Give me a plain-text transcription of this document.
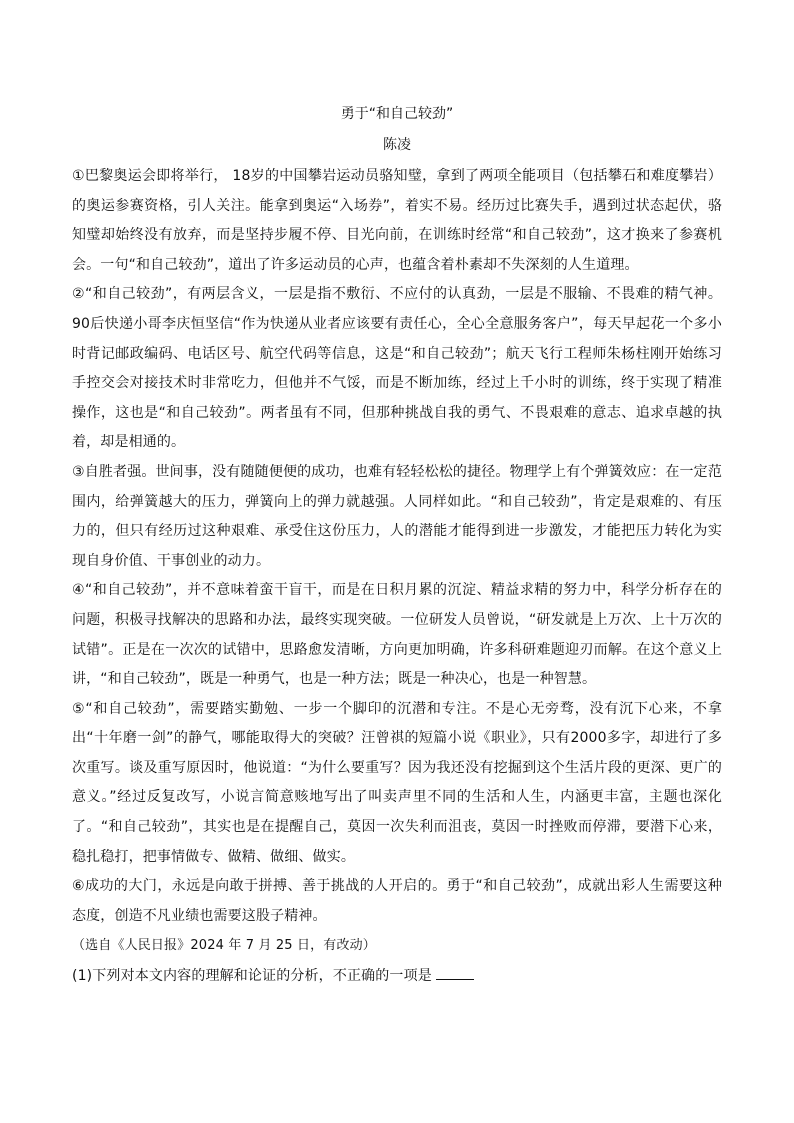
勇于“和自己较劲”
陈凌

①巴黎奥运会即将举行， 18岁的中国攀岩运动员骆知璧，拿到了两项全能项目（包括攀石和难度攀岩）的奥运参赛资格，引人关注。能拿到奥运“入场券”，着实不易。经历过比赛失手，遇到过状态起伏，骆知璧却始终没有放弃，而是坚持步履不停、目光向前，在训练时经常“和自己较劲”，这才换来了参赛机会。一句“和自己较劲”，道出了许多运动员的心声，也蕴含着朴素却不失深刻的人生道理。

②“和自己较劲”，有两层含义，一层是指不敷衍、不应付的认真劲，一层是不服输、不畏难的精气神。90后快递小哥李庆恒坚信“作为快递从业者应该要有责任心，全心全意服务客户”，每天早起花一个多小时背记邮政编码、电话区号、航空代码等信息，这是“和自己较劲”；航天飞行工程师朱杨柱刚开始练习手控交会对接技术时非常吃力，但他并不气馁，而是不断加练，经过上千小时的训练，终于实现了精准操作，这也是“和自己较劲”。两者虽有不同，但那种挑战自我的勇气、不畏艰难的意志、追求卓越的执着，却是相通的。

③自胜者强。世间事，没有随随便便的成功，也难有轻轻松松的捷径。物理学上有个弹簧效应：在一定范围内，给弹簧越大的压力，弹簧向上的弹力就越强。人同样如此。“和自己较劲”，肯定是艰难的、有压力的，但只有经历过这种艰难、承受住这份压力，人的潜能才能得到进一步激发，才能把压力转化为实现自身价值、干事创业的动力。

④“和自己较劲”，并不意味着蛮干盲干，而是在日积月累的沉淀、精益求精的努力中，科学分析存在的问题，积极寻找解决的思路和办法，最终实现突破。一位研发人员曾说，“研发就是上万次、上十万次的试错”。正是在一次次的试错中，思路愈发清晰，方向更加明确，许多科研难题迎刃而解。在这个意义上讲，“和自己较劲”，既是一种勇气，也是一种方法；既是一种决心，也是一种智慧。

⑤“和自己较劲”，需要踏实勤勉、一步一个脚印的沉潜和专注。不是心无旁骛，没有沉下心来，不拿出“十年磨一剑”的静气，哪能取得大的突破？汪曾祺的短篇小说《职业》，只有2000多字，却进行了多次重写。谈及重写原因时，他说道：“为什么要重写？因为我还没有挖掘到这个生活片段的更深、更广的意义。”经过反复改写，小说言简意赅地写出了叫卖声里不同的生活和人生，内涵更丰富，主题也深化了。“和自己较劲”，其实也是在提醒自己，莫因一次失利而沮丧，莫因一时挫败而停滞，要潜下心来，稳扎稳打，把事情做专、做精、做细、做实。

⑥成功的大门，永远是向敢于拼搏、善于挑战的人开启的。勇于“和自己较劲”，成就出彩人生需要这种态度，创造不凡业绩也需要这股子精神。

（选自《人民日报》2024 年 7 月 25 日，有改动）

(1)下列对本文内容的理解和论证的分析，不正确的一项是
